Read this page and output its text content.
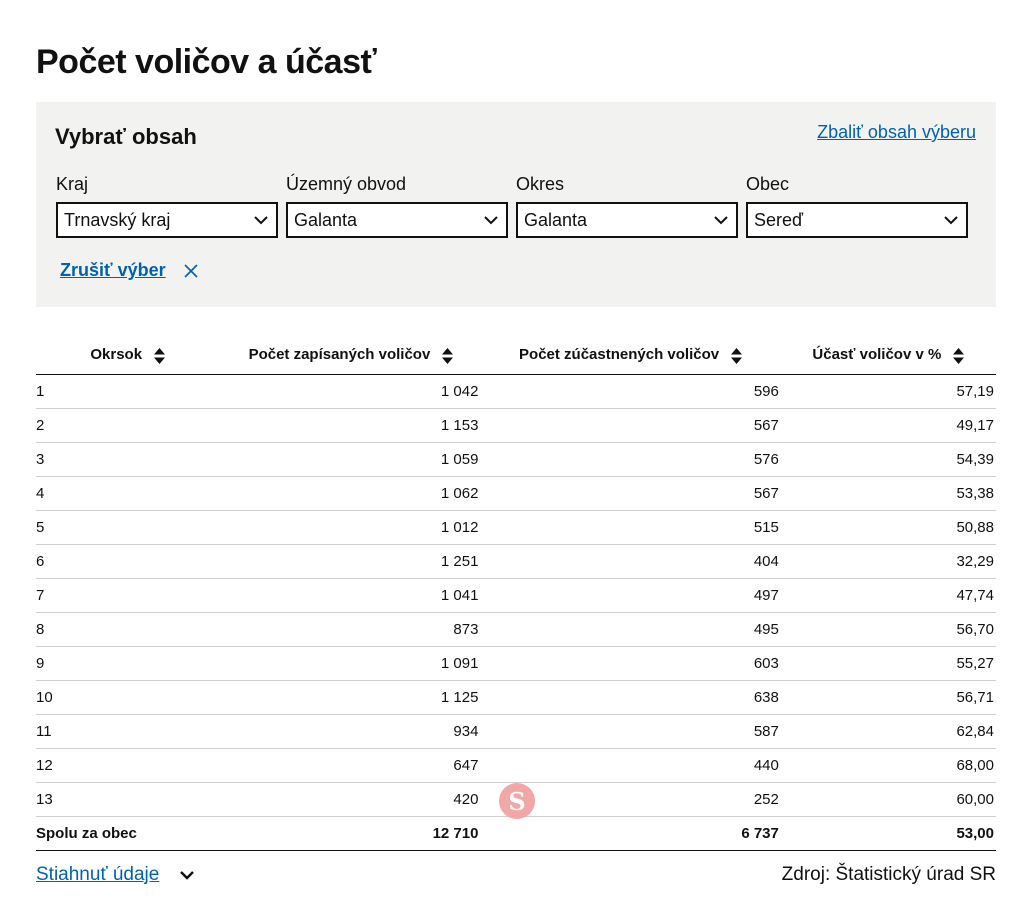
Počet voličov a účasť
Vybrať obsah	Zbaliť obsah výberu
Kraj
Trnavský kraj
Územný obvod
Galanta
Okres
Galanta
Obec
Sereď
Zrušiť výber
Okrsok	Počet zapísaných voličov	Počet zúčastnených voličov	Účasť voličov v %
1	1 042	596	57,19
2	1 153	567	49,17
3	1 059	576	54,39
4	1 062	567	53,38
5	1 012	515	50,88
6	1 251	404	32,29
7	1 041	497	47,74
8	873	495	56,70
9	1 091	603	55,27
10	1 125	638	56,71
11	934	587	62,84
12	647	440	68,00
13	420	252	60,00
Spolu za obec	12 710	6 737	53,00
S
Stiahnuť údaje	Zdroj: Štatistický úrad SR
